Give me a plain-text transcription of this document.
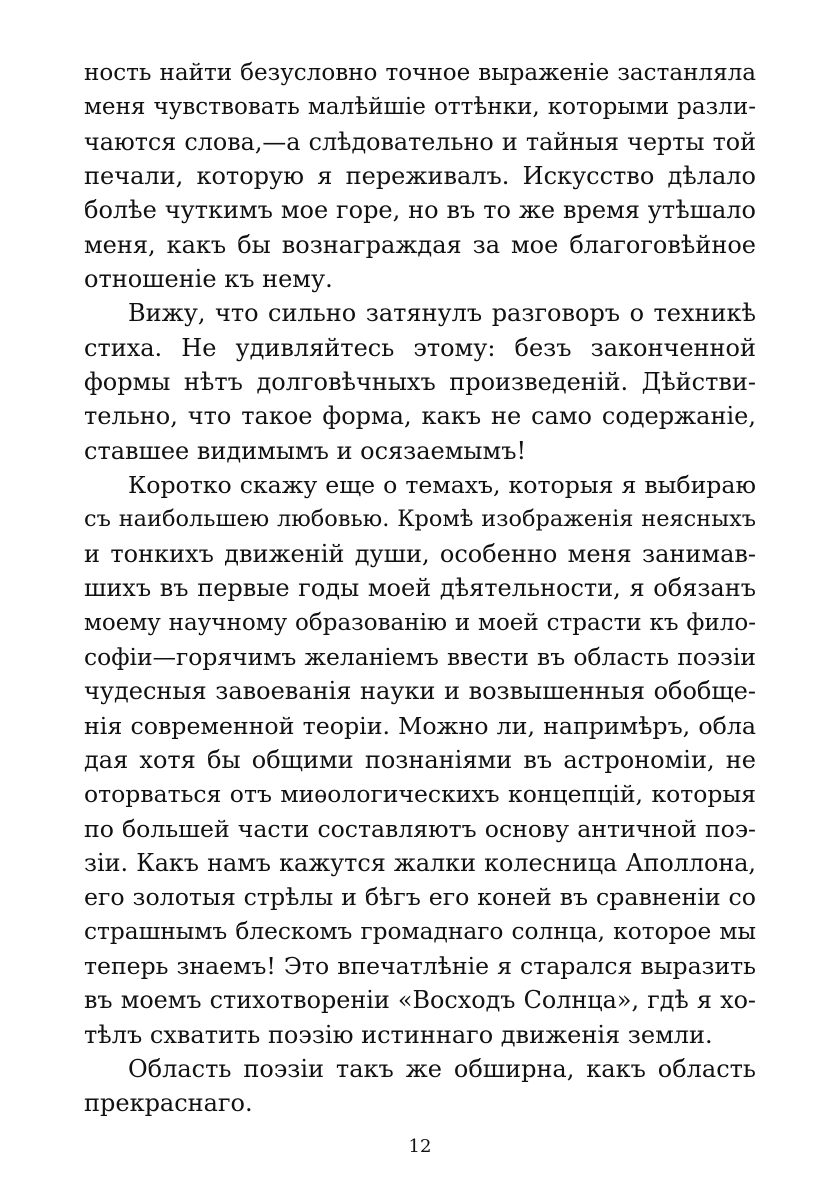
ность найти безусловно точное выраженіе застанляла
меня чувствовать малѣйшіе оттѣнки, которыми разли-
чаются слова,—а слѣдовательно и тайныя черты той
печали, которую я переживалъ. Искусство дѣлало
болѣе чуткимъ мое горе, но въ то же время утѣшало
меня, какъ бы вознаграждая за мое благоговѣйное
отношеніе къ нему.
Вижу, что сильно затянулъ разговоръ о техникѣ
стиха. Не удивляйтесь этому: безъ законченной
формы нѣтъ долговѣчныхъ произведеній. Дѣйстви-
тельно, что такое форма, какъ не само содержаніе,
ставшее видимымъ и осязаемымъ!
Коротко скажу еще о темахъ, которыя я выбираю
съ наибольшею любовью. Кромѣ изображенія неясныхъ
и тонкихъ движеній души, особенно меня занимав-
шихъ въ первые годы моей дѣятельности, я обязанъ
моему научному образованію и моей страсти къ фило-
софіи—горячимъ желаніемъ ввести въ область поэзіи
чудесныя завоеванія науки и возвышенныя обобще-
нія современной теоріи. Можно ли, напримѣръ, обла
дая хотя бы общими познаніями въ астрономіи, не
оторваться отъ миѳологическихъ концепцій, которыя
по большей части составляютъ основу античной поэ-
зіи. Какъ намъ кажутся жалки колесница Аполлона,
его золотыя стрѣлы и бѣгъ его коней въ сравненіи со
страшнымъ блескомъ громаднаго солнца, которое мы
теперь знаемъ! Это впечатлѣніе я старался выразить
въ моемъ стихотвореніи «Восходъ Солнца», гдѣ я хо-
тѣлъ схватить поэзію истиннаго движенія земли.
Область поэзіи такъ же обширна, какъ область
прекраснаго.
12
